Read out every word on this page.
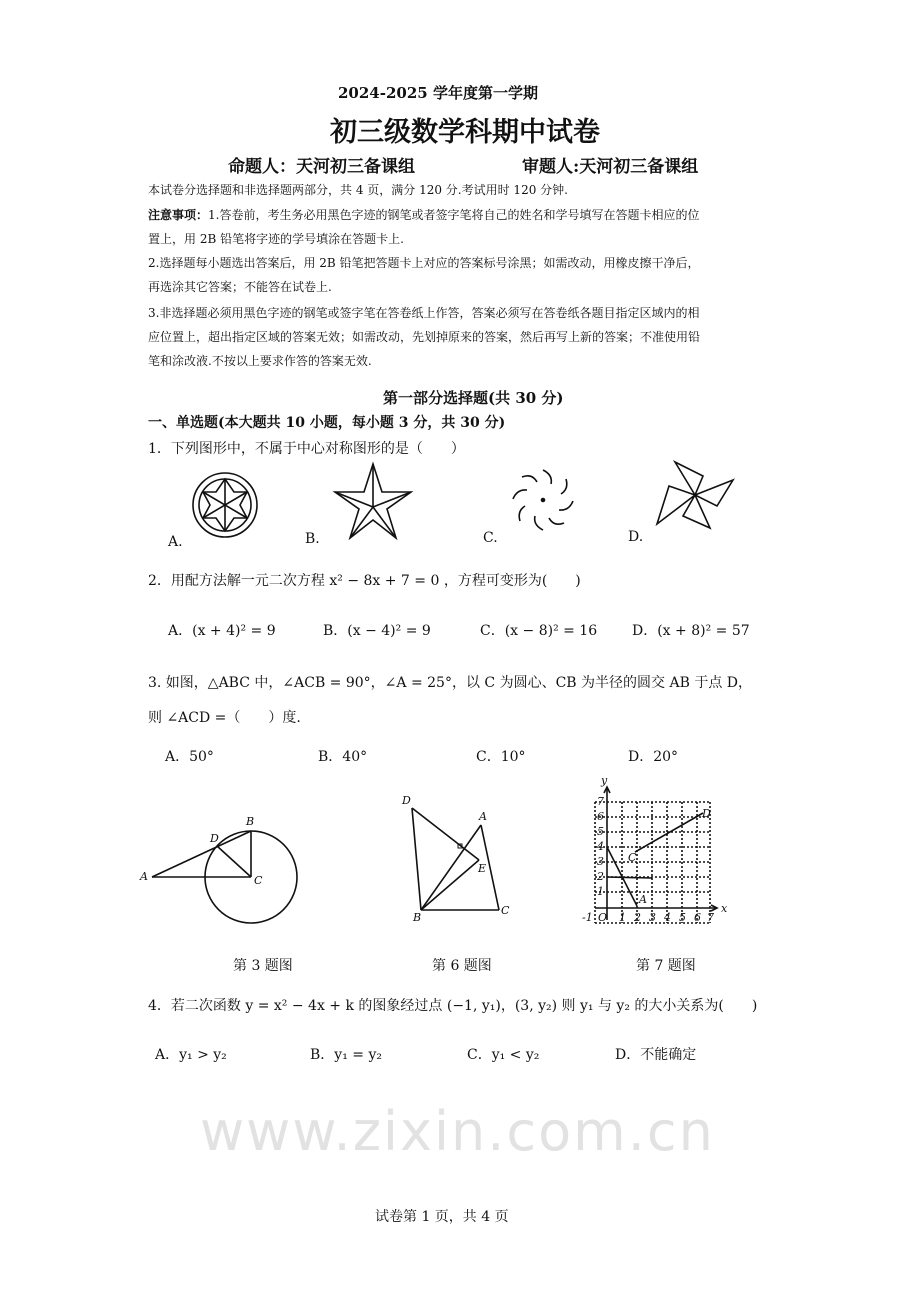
www.zixin.com.cn
2024-2025 学年度第一学期
初三级数学科期中试卷
命题人：天河初三备课组	审题人:天河初三备课组
本试卷分选择题和非选择题两部分，共 4 页，满分 120 分.考试用时 120 分钟.
注意事项：1.答卷前，考生务必用黑色字迹的钢笔或者签字笔将自己的姓名和学号填写在答题卡相应的位
置上，用 2B 铅笔将字迹的学号填涂在答题卡上.
2.选择题每小题选出答案后，用 2B 铅笔把答题卡上对应的答案标号涂黑；如需改动，用橡皮擦干净后，
再选涂其它答案；不能答在试卷上.
3.非选择题必须用黑色字迹的钢笔或签字笔在答卷纸上作答，答案必须写在答卷纸各题目指定区域内的相
应位置上，超出指定区域的答案无效；如需改动，先划掉原来的答案，然后再写上新的答案；不准使用铅
笔和涂改液.不按以上要求作答的答案无效.
第一部分选择题(共 30 分)
一、单选题(本大题共 10 小题，每小题 3 分，共 30 分)
1．下列图形中，不属于中心对称图形的是（　　）
A.	B.	C.	D.
2．用配方法解一元二次方程 x² − 8x + 7 = 0 ，方程可变形为(　　)
A．(x + 4)² = 9	B．(x − 4)² = 9	C．(x − 8)² = 16 D．(x + 8)² = 57
3. 如图，△ABC 中，∠ACB = 90°，∠A = 25°，以 C 为圆心、CB 为半径的圆交 AB 于点 D，
则 ∠ACD =（　　）度.
A．50°	B．40°	C．10°	D．20°
A
B
C
D
D
A
E
B
C
y
x
O
A
C
D
7
6
5
4
3
2
1
-1 1 2 3 4 5 6 7
第 3 题图	第 6 题图	第 7 题图
4．若二次函数 y = x² − 4x + k 的图象经过点 (−1, y₁)，(3, y₂) 则 y₁ 与 y₂ 的大小关系为(　　)
A．y₁ > y₂	B．y₁ = y₂	C．y₁ < y₂	D．不能确定
试卷第 1 页，共 4 页
